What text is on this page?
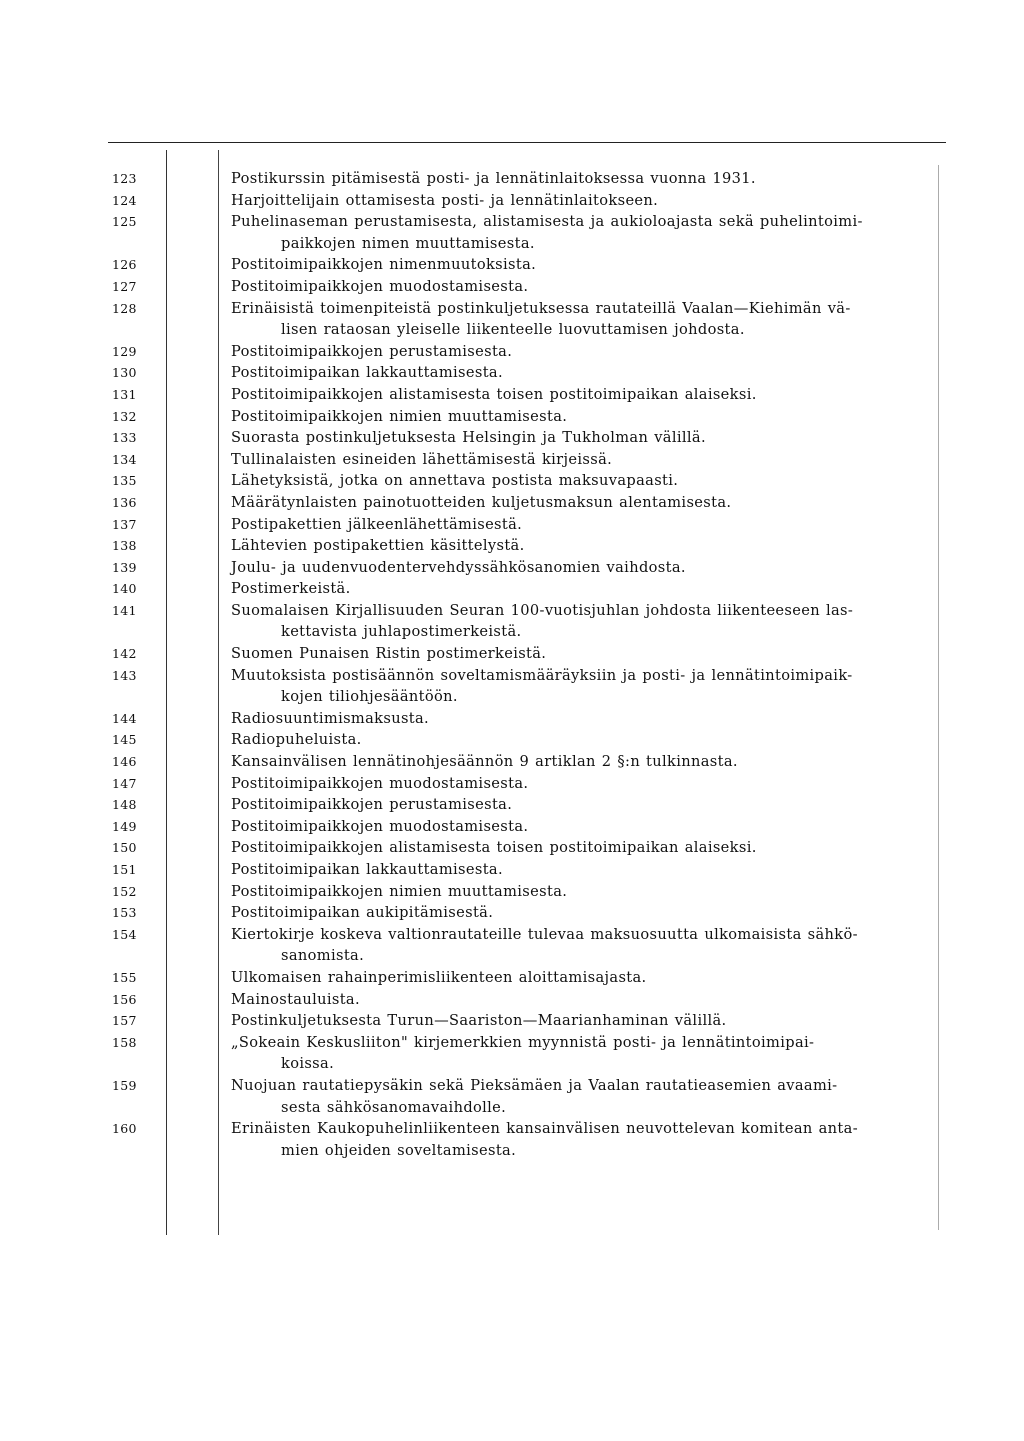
123	Postikurssin pitämisestä posti- ja lennätinlaitoksessa vuonna 1931.
124	Harjoittelijain ottamisesta posti- ja lennätinlaitokseen.
125	Puhelinaseman perustamisesta, alistamisesta ja aukioloajasta sekä puhelintoimi-
paikkojen nimen muuttamisesta.
126	Postitoimipaikkojen nimenmuutoksista.
127	Postitoimipaikkojen muodostamisesta.
128	Erinäisistä toimenpiteistä postinkuljetuksessa rautateillä Vaalan—Kiehimän vä-
lisen rataosan yleiselle liikenteelle luovuttamisen johdosta.
129	Postitoimipaikkojen perustamisesta.
130	Postitoimipaikan lakkauttamisesta.
131	Postitoimipaikkojen alistamisesta toisen postitoimipaikan alaiseksi.
132	Postitoimipaikkojen nimien muuttamisesta.
133	Suorasta postinkuljetuksesta Helsingin ja Tukholman välillä.
134	Tullinalaisten esineiden lähettämisestä kirjeissä.
135	Lähetyksistä, jotka on annettava postista maksuvapaasti.
136	Määrätynlaisten painotuotteiden kuljetusmaksun alentamisesta.
137	Postipakettien jälkeenlähettämisestä.
138	Lähtevien postipakettien käsittelystä.
139	Joulu- ja uudenvuodentervehdyssähkösanomien vaihdosta.
140	Postimerkeistä.
141	Suomalaisen Kirjallisuuden Seuran 100-vuotisjuhlan johdosta liikenteeseen las-
kettavista juhlapostimerkeistä.
142	Suomen Punaisen Ristin postimerkeistä.
143	Muutoksista postisäännön soveltamismääräyksiin ja posti- ja lennätintoimipaik-
kojen tiliohjesääntöön.
144	Radiosuuntimismaksusta.
145	Radiopuheluista.
146	Kansainvälisen lennätinohjesäännön 9 artiklan 2 §:n tulkinnasta.
147	Postitoimipaikkojen muodostamisesta.
148	Postitoimipaikkojen perustamisesta.
149	Postitoimipaikkojen muodostamisesta.
150	Postitoimipaikkojen alistamisesta toisen postitoimipaikan alaiseksi.
151	Postitoimipaikan lakkauttamisesta.
152	Postitoimipaikkojen nimien muuttamisesta.
153	Postitoimipaikan aukipitämisestä.
154	Kiertokirje koskeva valtionrautateille tulevaa maksuosuutta ulkomaisista sähkö-
sanomista.
155	Ulkomaisen rahainperimisliikenteen aloittamisajasta.
156	Mainostauluista.
157	Postinkuljetuksesta Turun—Saariston—Maarianhaminan välillä.
158	„Sokeain Keskusliiton" kirjemerkkien myynnistä posti- ja lennätintoimipai-
koissa.
159	Nuojuan rautatiepysäkin sekä Pieksämäen ja Vaalan rautatieasemien avaami-
sesta sähkösanomavaihdolle.
160	Erinäisten Kaukopuhelinliikenteen kansainvälisen neuvottelevan komitean anta-
mien ohjeiden soveltamisesta.
